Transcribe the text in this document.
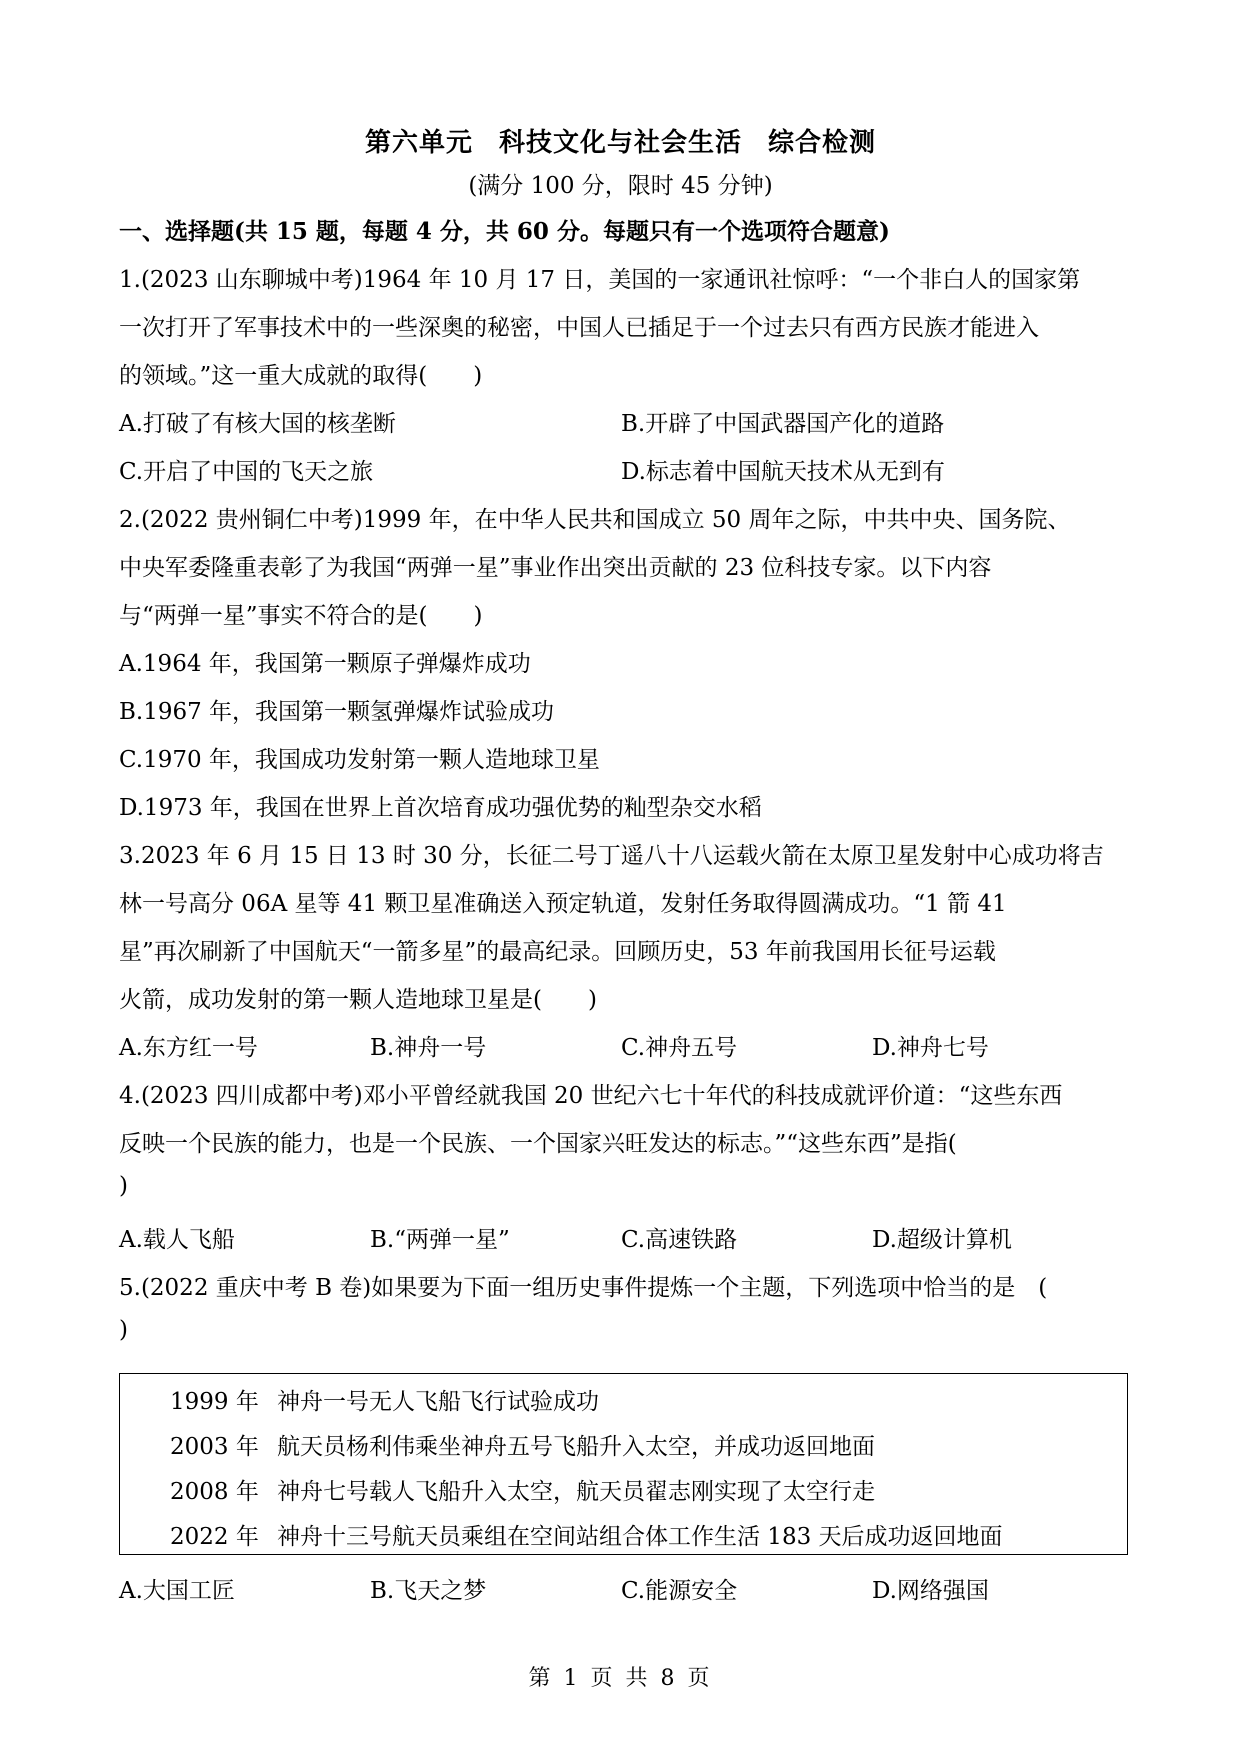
第六单元 科技文化与社会生活 综合检测
(满分 100 分，限时 45 分钟)
一、选择题(共 15 题，每题 4 分，共 60 分。每题只有一个选项符合题意)
1.(2023 山东聊城中考)1964 年 10 月 17 日，美国的一家通讯社惊呼：“一个非白人的国家第
一次打开了军事技术中的一些深奥的秘密，中国人已插足于一个过去只有西方民族才能进入
的领域。”这一重大成就的取得(　　)
A.打破了有核大国的核垄断	B.开辟了中国武器国产化的道路
C.开启了中国的飞天之旅	D.标志着中国航天技术从无到有
2.(2022 贵州铜仁中考)1999 年，在中华人民共和国成立 50 周年之际，中共中央、国务院、
中央军委隆重表彰了为我国“两弹一星”事业作出突出贡献的 23 位科技专家。以下内容
与“两弹一星”事实不符合的是(　　)
A.1964 年，我国第一颗原子弹爆炸成功
B.1967 年，我国第一颗氢弹爆炸试验成功
C.1970 年，我国成功发射第一颗人造地球卫星
D.1973 年，我国在世界上首次培育成功强优势的籼型杂交水稻
3.2023 年 6 月 15 日 13 时 30 分，长征二号丁遥八十八运载火箭在太原卫星发射中心成功将吉
林一号高分 06A 星等 41 颗卫星准确送入预定轨道，发射任务取得圆满成功。“1 箭 41
星”再次刷新了中国航天“一箭多星”的最高纪录。回顾历史，53 年前我国用长征号运载
火箭，成功发射的第一颗人造地球卫星是(　　)
A.东方红一号	B.神舟一号	C.神舟五号	D.神舟七号
4.(2023 四川成都中考)邓小平曾经就我国 20 世纪六七十年代的科技成就评价道：“这些东西
反映一个民族的能力，也是一个民族、一个国家兴旺发达的标志。”“这些东西”是指(
)
A.载人飞船	B.“两弹一星”	C.高速铁路	D.超级计算机
5.(2022 重庆中考 B 卷)如果要为下面一组历史事件提炼一个主题，下列选项中恰当的是　(
)
1999 年 神舟一号无人飞船飞行试验成功
2003 年 航天员杨利伟乘坐神舟五号飞船升入太空，并成功返回地面
2008 年 神舟七号载人飞船升入太空，航天员翟志刚实现了太空行走
2022 年 神舟十三号航天员乘组在空间站组合体工作生活 183 天后成功返回地面
A.大国工匠	B.飞天之梦	C.能源安全	D.网络强国
第 1 页 共 8 页
